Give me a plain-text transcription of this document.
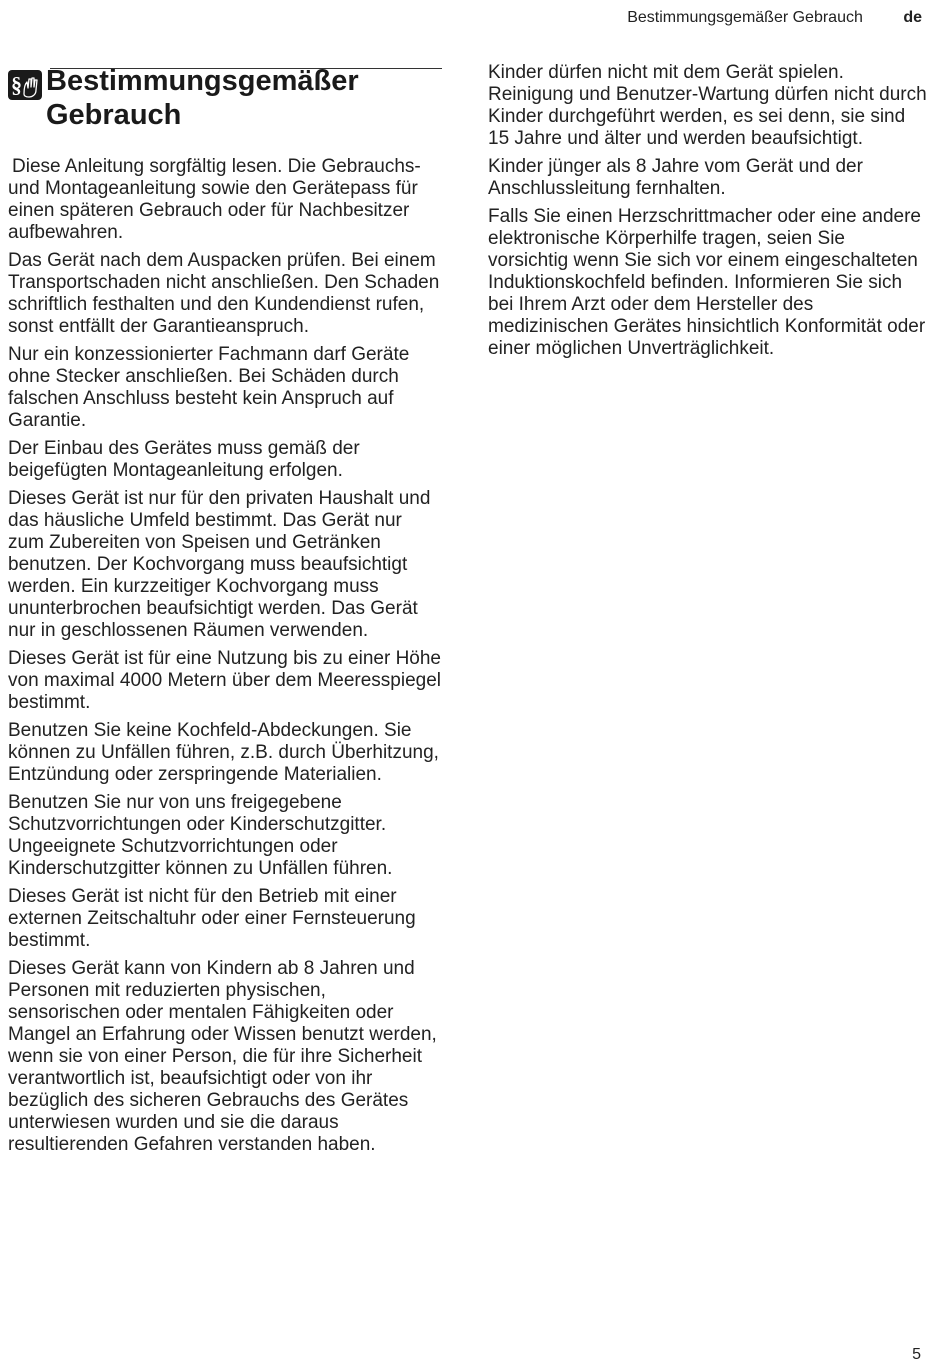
Bestimmungsgemäßer Gebrauch	de
§ Bestimmungsgemäßer Gebrauch

Diese Anleitung sorgfältig lesen. Die Gebrauchs- und Montageanleitung sowie den Gerätepass für einen späteren Gebrauch oder für Nachbesitzer aufbewahren.

Das Gerät nach dem Auspacken prüfen. Bei einem Transportschaden nicht anschließen. Den Schaden schriftlich festhalten und den Kundendienst rufen, sonst entfällt der Garantieanspruch.

Nur ein konzessionierter Fachmann darf Geräte ohne Stecker anschließen. Bei Schäden durch falschen Anschluss besteht kein Anspruch auf Garantie.

Der Einbau des Gerätes muss gemäß der beigefügten Montageanleitung erfolgen.

Dieses Gerät ist nur für den privaten Haushalt und das häusliche Umfeld bestimmt. Das Gerät nur zum Zubereiten von Speisen und Getränken benutzen. Der Kochvorgang muss beaufsichtigt werden. Ein kurzzeitiger Kochvorgang muss ununterbrochen beaufsichtigt werden. Das Gerät nur in geschlossenen Räumen verwenden.

Dieses Gerät ist für eine Nutzung bis zu einer Höhe von maximal 4000 Metern über dem Meeresspiegel bestimmt.

Benutzen Sie keine Kochfeld-Abdeckungen. Sie können zu Unfällen führen, z.B. durch Überhitzung, Entzündung oder zerspringende Materialien.

Benutzen Sie nur von uns freigegebene Schutzvorrichtungen oder Kinderschutzgitter. Ungeeignete Schutzvorrichtungen oder Kinderschutzgitter können zu Unfällen führen.

Dieses Gerät ist nicht für den Betrieb mit einer externen Zeitschaltuhr oder einer Fernsteuerung bestimmt.

Dieses Gerät kann von Kindern ab 8 Jahren und Personen mit reduzierten physischen, sensorischen oder mentalen Fähigkeiten oder Mangel an Erfahrung oder Wissen benutzt werden, wenn sie von einer Person, die für ihre Sicherheit verantwortlich ist, beaufsichtigt oder von ihr bezüglich des sicheren Gebrauchs des Gerätes unterwiesen wurden und sie die daraus resultierenden Gefahren verstanden haben.

Kinder dürfen nicht mit dem Gerät spielen. Reinigung und Benutzer-Wartung dürfen nicht durch Kinder durchgeführt werden, es sei denn, sie sind 15 Jahre und älter und werden beaufsichtigt.

Kinder jünger als 8 Jahre vom Gerät und der Anschlussleitung fernhalten.

Falls Sie einen Herzschrittmacher oder eine andere elektronische Körperhilfe tragen, seien Sie vorsichtig wenn Sie sich vor einem eingeschalteten Induktionskochfeld befinden. Informieren Sie sich bei Ihrem Arzt oder dem Hersteller des medizinischen Gerätes hinsichtlich Konformität oder einer möglichen Unverträglichkeit.

5
